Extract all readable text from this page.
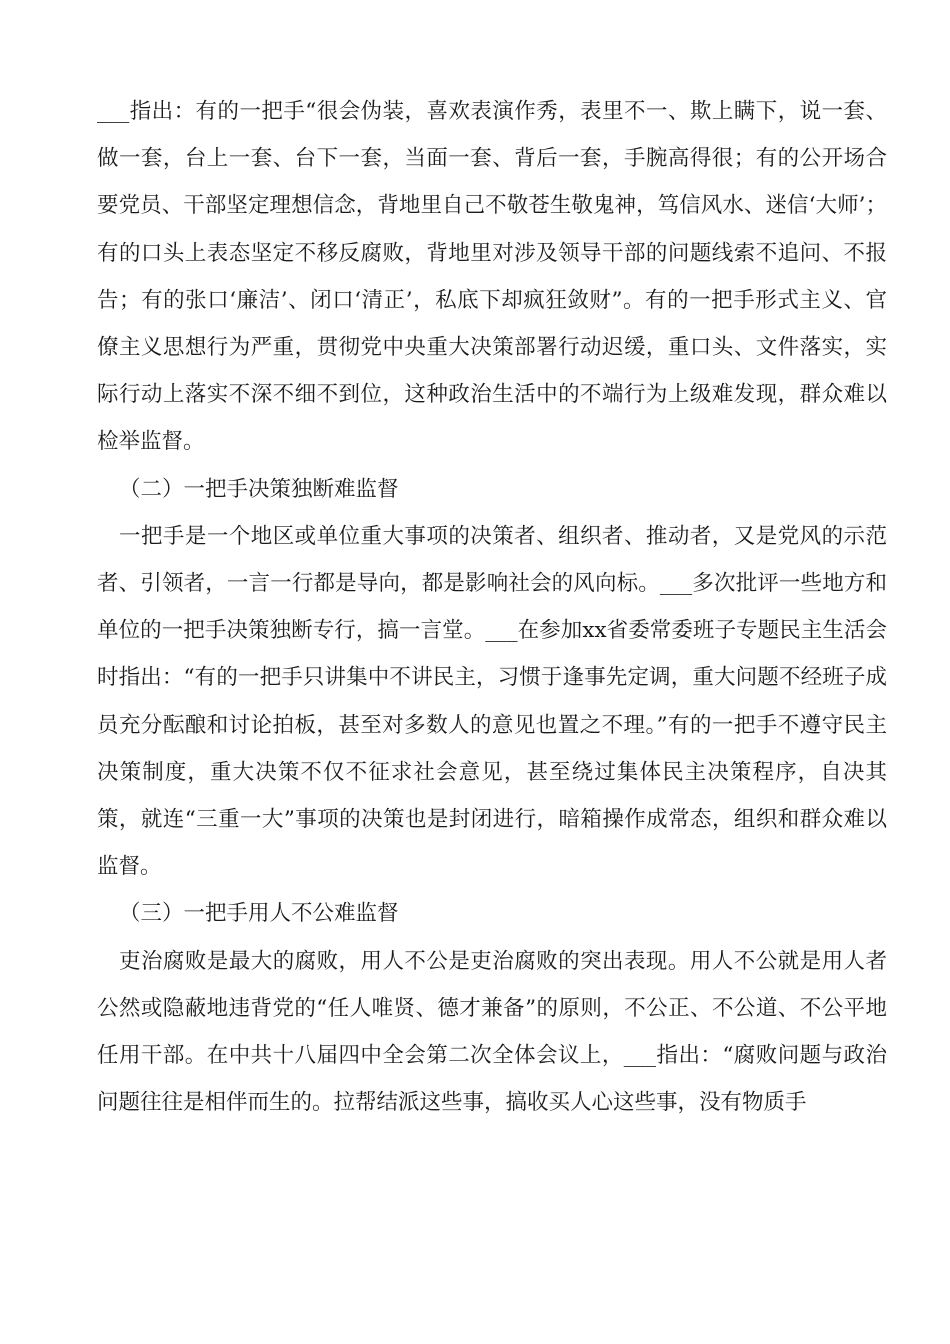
___指出：有的一把手“很会伪装，喜欢表演作秀，表里不一、欺上瞒下，说一套、做一套，台上一套、台下一套，当面一套、背后一套，手腕高得很；有的公开场合要党员、干部坚定理想信念，背地里自己不敬苍生敬鬼神，笃信风水、迷信‘大师’；有的口头上表态坚定不移反腐败，背地里对涉及领导干部的问题线索不追问、不报告；有的张口‘廉洁’、闭口‘清正’，私底下却疯狂敛财”。有的一把手形式主义、官僚主义思想行为严重，贯彻党中央重大决策部署行动迟缓，重口头、文件落实，实际行动上落实不深不细不到位，这种政治生活中的不端行为上级难发现，群众难以检举监督。

（二）一把手决策独断难监督

一把手是一个地区或单位重大事项的决策者、组织者、推动者，又是党风的示范者、引领者，一言一行都是导向，都是影响社会的风向标。___多次批评一些地方和单位的一把手决策独断专行，搞一言堂。___在参加xx省委常委班子专题民主生活会时指出：“有的一把手只讲集中不讲民主，习惯于逢事先定调，重大问题不经班子成员充分酝酿和讨论拍板，甚至对多数人的意见也置之不理。”有的一把手不遵守民主决策制度，重大决策不仅不征求社会意见，甚至绕过集体民主决策程序，自决其策，就连“三重一大”事项的决策也是封闭进行，暗箱操作成常态，组织和群众难以监督。

（三）一把手用人不公难监督

吏治腐败是最大的腐败，用人不公是吏治腐败的突出表现。用人不公就是用人者公然或隐蔽地违背党的“任人唯贤、德才兼备”的原则，不公正、不公道、不公平地任用干部。在中共十八届四中全会第二次全体会议上，___指出：“腐败问题与政治问题往往是相伴而生的。拉帮结派这些事，搞收买人心这些事，没有物质手
